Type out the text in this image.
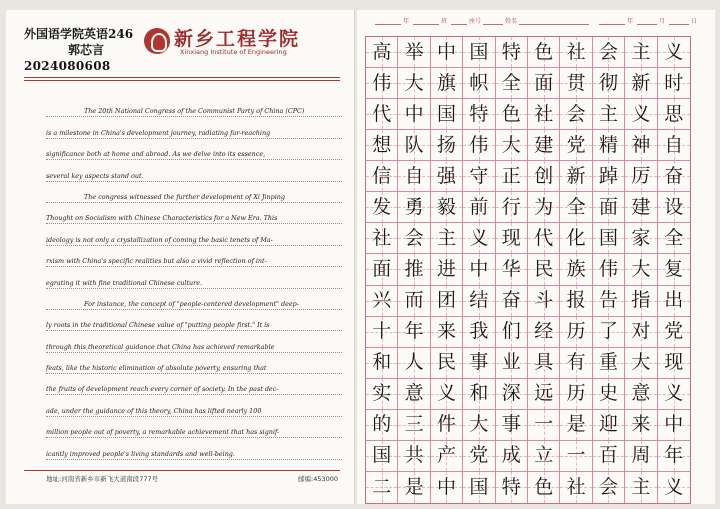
外国语学院英语246
郭芯言
2024080608
新乡工程学院
Xinxiang Institute of Engineering
The 20th National Congress of the Communist Party of China (CPC)
is a milestone in China's development journey, radiating far-reaching
significance both at home and abroad. As we delve into its essence,
several key aspects stand out.
The congress witnessed the further development of Xi Jinping
Thought on Socialism with Chinese Characteristics for a New Era. This
ideology is not only a crystallization of coming the basic tenets of Ma-
rxism with China's specific realities but also a vivid reflection of int-
egrating it with fine traditional Chinese culture.
For instance, the concept of "people-centered development" deep-
ly roots in the traditional Chinese value of "putting people first." It is
through this theoretical guidance that China has achieved remarkable
feats, like the historic elimination of absolute poverty, ensuring that
the fruits of development reach every corner of society. In the past dec-
ade, under the guidance of this theory, China has lifted nearly 100
million people out of poverty, a remarkable achievement that has signif-
icantly improved people's living standards and well-being.
地址:河南省新乡市新飞大道南段777号	邮编:453000
年	班	座号	姓名	年	月	日
高 举 中 国 特 色 社 会 主 义
伟 大 旗 帜 全 面 贯 彻 新 时
代 中 国 特 色 社 会 主 义 思
想 队 扬 伟 大 建 党 精 神 自
信 自 强 守 正 创 新 踔 厉 奋
发 勇 毅 前 行 为 全 面 建 设
社 会 主 义 现 代 化 国 家 全
面 推 进 中 华 民 族 伟 大 复
兴 而 团 结 奋 斗 报 告 指 出
十 年 来 我 们 经 历 了 对 党
和 人 民 事 业 具 有 重 大 现
实 意 义 和 深 远 历 史 意 义
的 三 件 大 事 一 是 迎 来 中
国 共 产 党 成 立 一 百 周 年
二 是 中 国 特 色 社 会 主 义
